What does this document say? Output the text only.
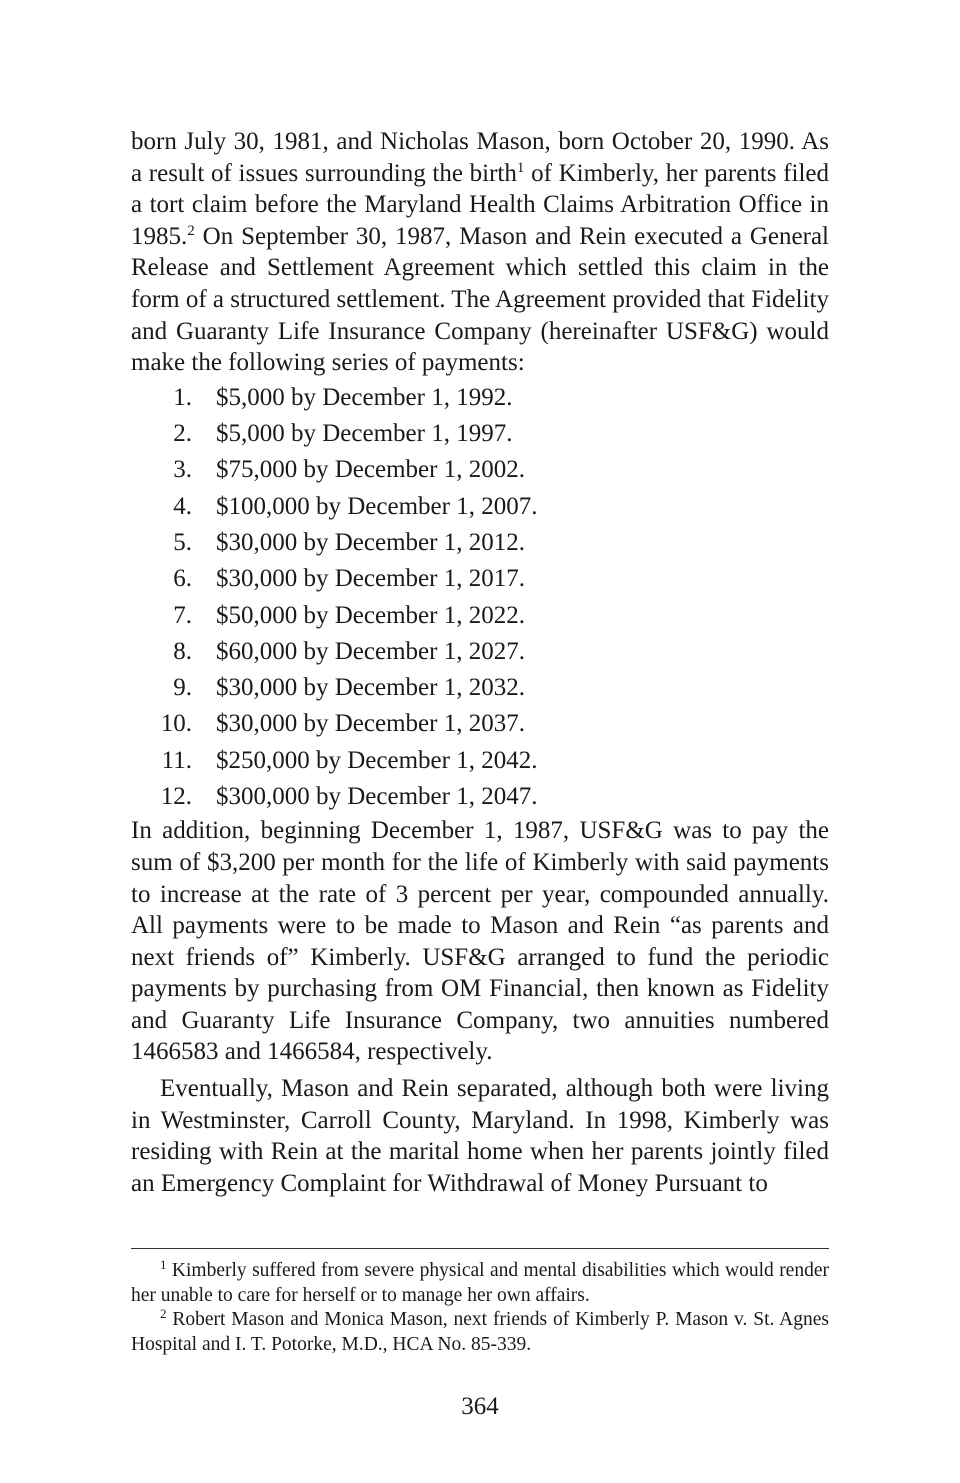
born July 30, 1981, and Nicholas Mason, born October 20, 1990. As a result of issues surrounding the birth$^1$ of Kimberly, her parents filed a tort claim before the Maryland Health Claims Arbitration Office in 1985.$^2$ On September 30, 1987, Mason and Rein executed a General Release and Settlement Agreement which settled this claim in the form of a structured settlement. The Agreement provided that Fidelity and Guaranty Life Insurance Company (hereinafter USF&G) would make the following series of payments:

1. $5,000 by December 1, 1992.
2. $5,000 by December 1, 1997.
3. $75,000 by December 1, 2002.
4. $100,000 by December 1, 2007.
5. $30,000 by December 1, 2012.
6. $30,000 by December 1, 2017.
7. $50,000 by December 1, 2022.
8. $60,000 by December 1, 2027.
9. $30,000 by December 1, 2032.
10. $30,000 by December 1, 2037.
11. $250,000 by December 1, 2042.
12. $300,000 by December 1, 2047.

In addition, beginning December 1, 1987, USF&G was to pay the sum of $3,200 per month for the life of Kimberly with said payments to increase at the rate of 3 percent per year, compounded annually. All payments were to be made to Mason and Rein “as parents and next friends of” Kimberly. USF&G arranged to fund the periodic payments by purchasing from OM Financial, then known as Fidelity and Guaranty Life Insurance Company, two annuities numbered 1466583 and 1466584, respectively.

Eventually, Mason and Rein separated, although both were living in Westminster, Carroll County, Maryland. In 1998, Kimberly was residing with Rein at the marital home when her parents jointly filed an Emergency Complaint for Withdrawal of Money Pursuant to

$^1$ Kimberly suffered from severe physical and mental disabilities which would render her unable to care for herself or to manage her own affairs.

$^2$ Robert Mason and Monica Mason, next friends of Kimberly P. Mason v. St. Agnes Hospital and I. T. Potorke, M.D., HCA No. 85-339.

364
